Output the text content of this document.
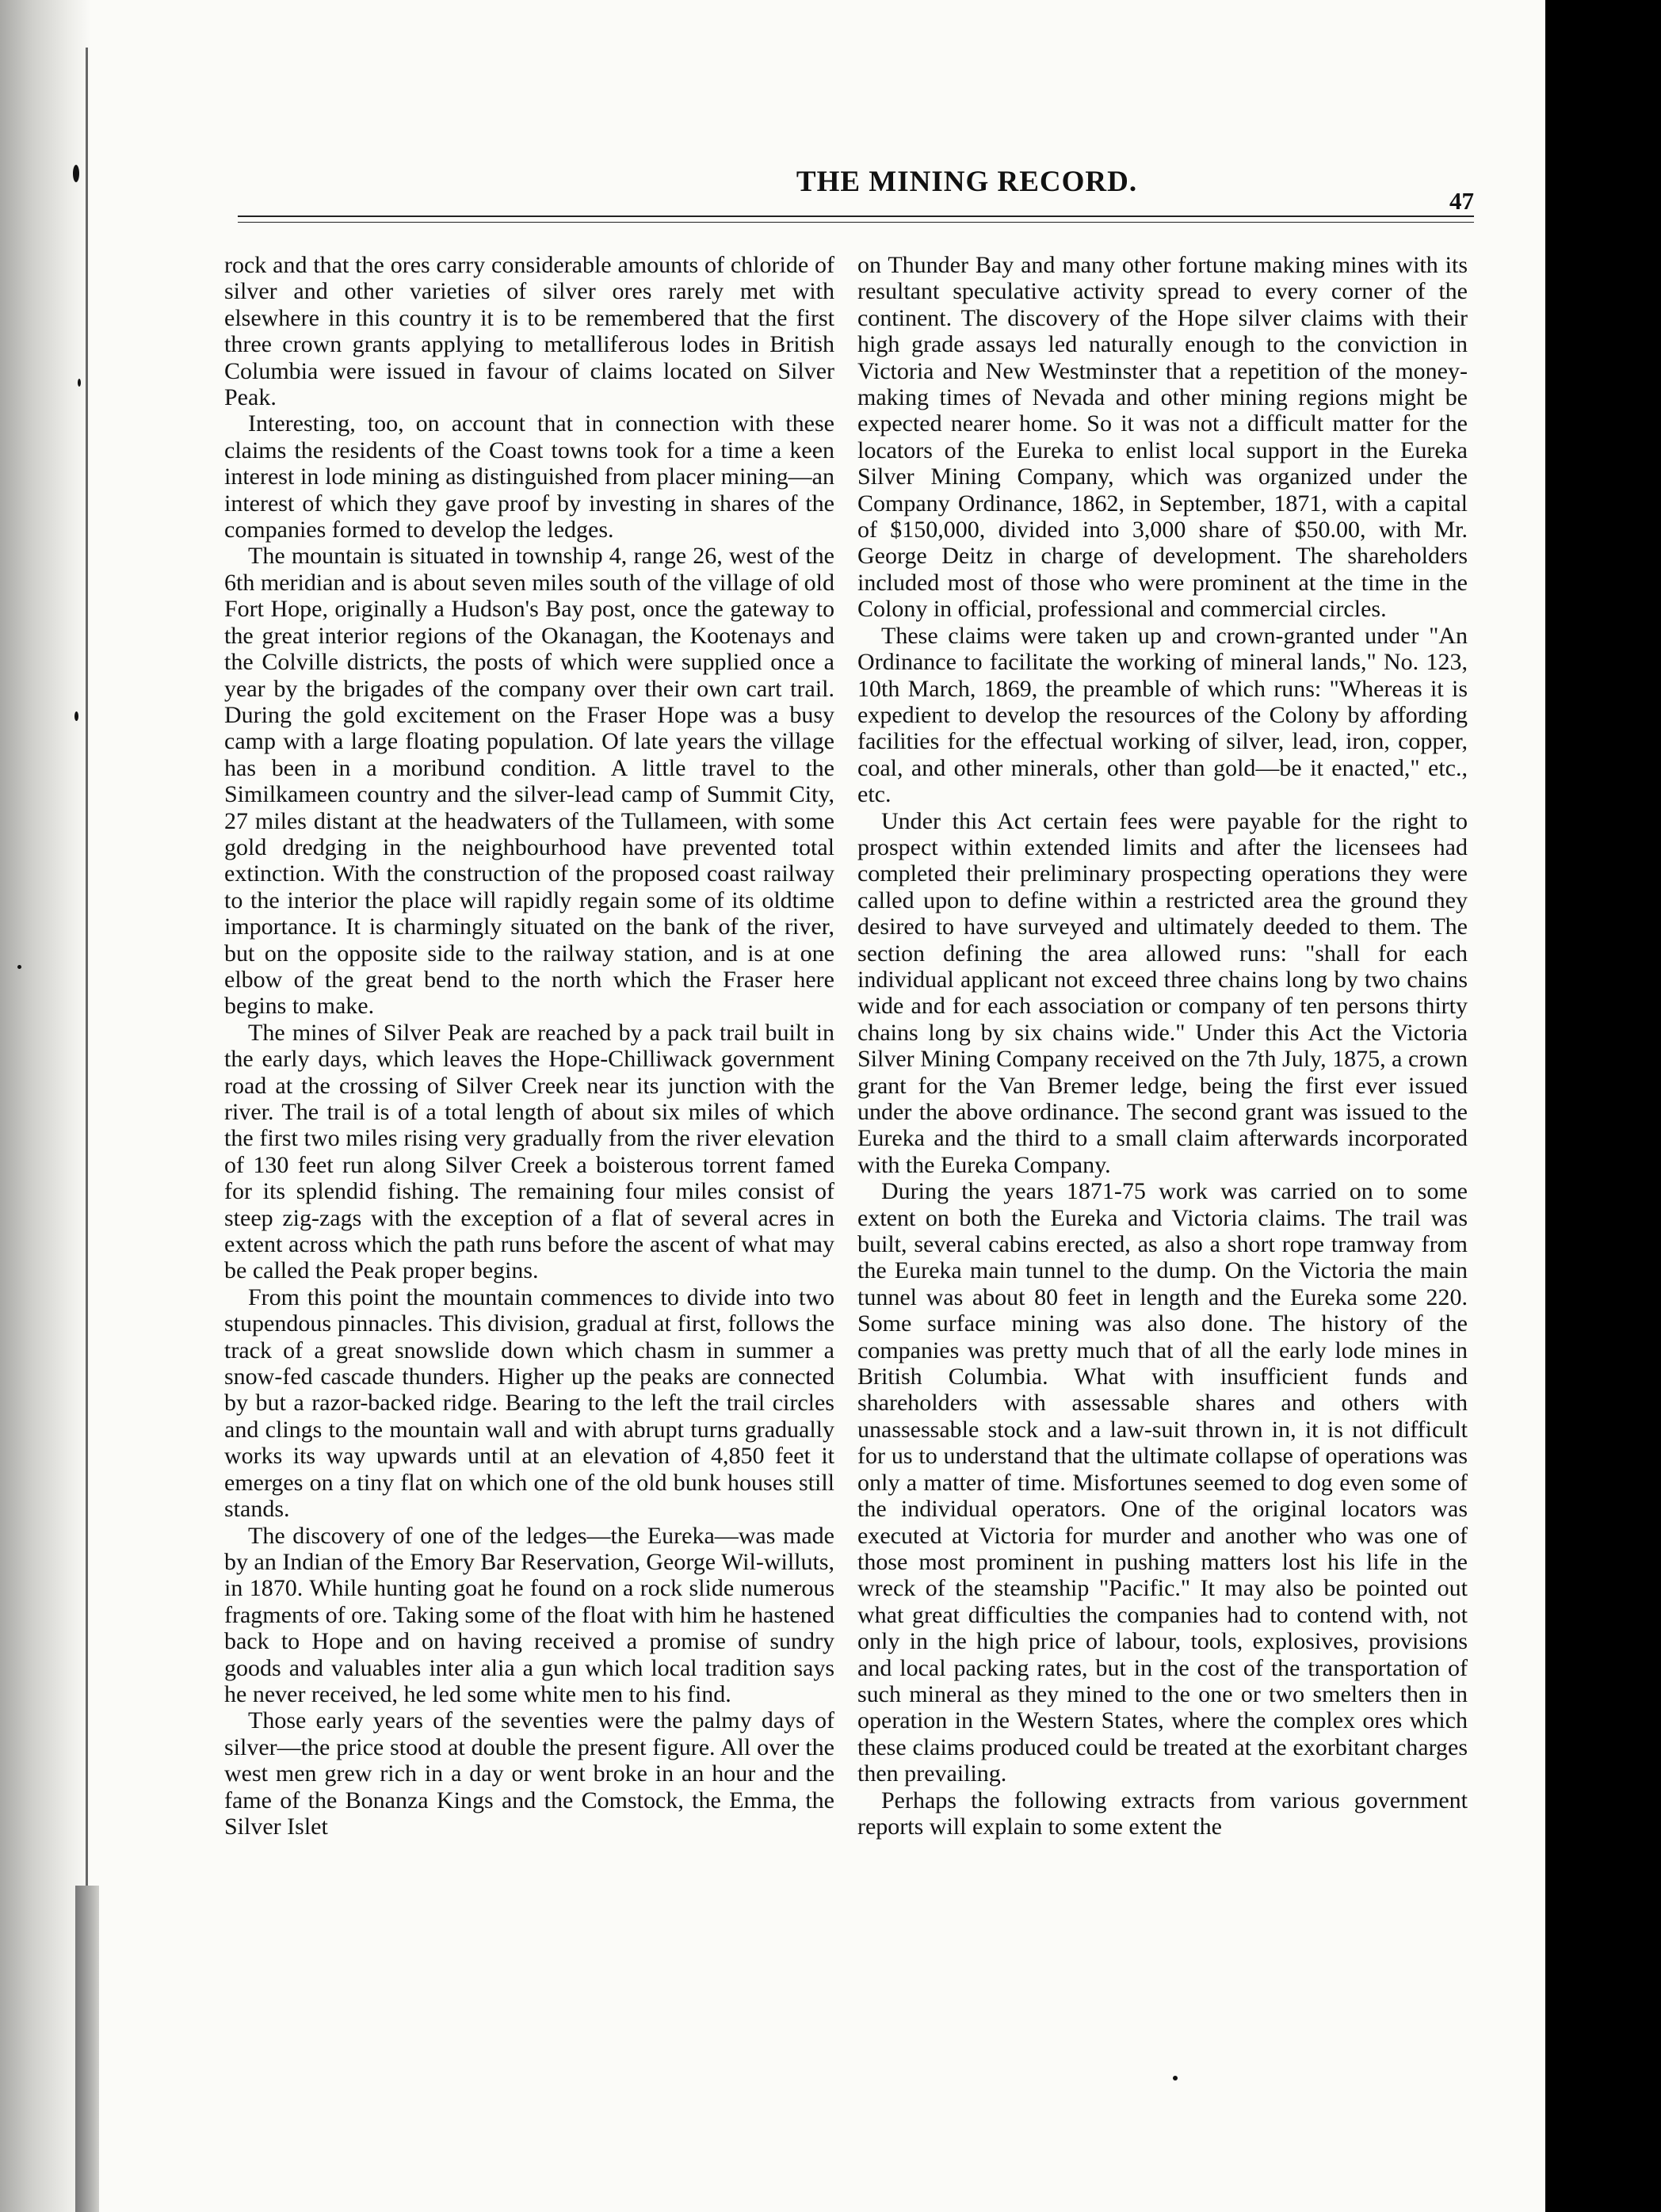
THE MINING RECORD.
47

rock and that the ores carry considerable amounts of chloride of silver and other varieties of silver ores rarely met with elsewhere in this country it is to be remembered that the first three crown grants applying to metalliferous lodes in British Columbia were issued in favour of claims located on Silver Peak.

Interesting, too, on account that in connection with these claims the residents of the Coast towns took for a time a keen interest in lode mining as distinguished from placer mining—an interest of which they gave proof by investing in shares of the companies formed to develop the ledges.

The mountain is situated in township 4, range 26, west of the 6th meridian and is about seven miles south of the village of old Fort Hope, originally a Hudson's Bay post, once the gateway to the great interior regions of the Okanagan, the Kootenays and the Colville districts, the posts of which were supplied once a year by the brigades of the company over their own cart trail. During the gold excitement on the Fraser Hope was a busy camp with a large floating population. Of late years the village has been in a moribund condition. A little travel to the Similkameen country and the silver-lead camp of Summit City, 27 miles distant at the headwaters of the Tullameen, with some gold dredging in the neighbourhood have prevented total extinction. With the construction of the proposed coast railway to the interior the place will rapidly regain some of its oldtime importance. It is charmingly situated on the bank of the river, but on the opposite side to the railway station, and is at one elbow of the great bend to the north which the Fraser here begins to make.

The mines of Silver Peak are reached by a pack trail built in the early days, which leaves the Hope-Chilliwack government road at the crossing of Silver Creek near its junction with the river. The trail is of a total length of about six miles of which the first two miles rising very gradually from the river elevation of 130 feet run along Silver Creek a boisterous torrent famed for its splendid fishing. The remaining four miles consist of steep zig-zags with the exception of a flat of several acres in extent across which the path runs before the ascent of what may be called the Peak proper begins.

From this point the mountain commences to divide into two stupendous pinnacles. This division, gradual at first, follows the track of a great snowslide down which chasm in summer a snow-fed cascade thunders. Higher up the peaks are connected by but a razor-backed ridge. Bearing to the left the trail circles and clings to the mountain wall and with abrupt turns gradually works its way upwards until at an elevation of 4,850 feet it emerges on a tiny flat on which one of the old bunk houses still stands.

The discovery of one of the ledges—the Eureka—was made by an Indian of the Emory Bar Reservation, George Wil-willuts, in 1870. While hunting goat he found on a rock slide numerous fragments of ore. Taking some of the float with him he hastened back to Hope and on having received a promise of sundry goods and valuables inter alia a gun which local tradition says he never received, he led some white men to his find.

Those early years of the seventies were the palmy days of silver—the price stood at double the present figure. All over the west men grew rich in a day or went broke in an hour and the fame of the Bonanza Kings and the Comstock, the Emma, the Silver Islet

on Thunder Bay and many other fortune making mines with its resultant speculative activity spread to every corner of the continent. The discovery of the Hope silver claims with their high grade assays led naturally enough to the conviction in Victoria and New Westminster that a repetition of the money-making times of Nevada and other mining regions might be expected nearer home. So it was not a difficult matter for the locators of the Eureka to enlist local support in the Eureka Silver Mining Company, which was organized under the Company Ordinance, 1862, in September, 1871, with a capital of $150,000, divided into 3,000 share of $50.00, with Mr. George Deitz in charge of development. The shareholders included most of those who were prominent at the time in the Colony in official, professional and commercial circles.

These claims were taken up and crown-granted under "An Ordinance to facilitate the working of mineral lands," No. 123, 10th March, 1869, the preamble of which runs: "Whereas it is expedient to develop the resources of the Colony by affording facilities for the effectual working of silver, lead, iron, copper, coal, and other minerals, other than gold—be it enacted," etc., etc.

Under this Act certain fees were payable for the right to prospect within extended limits and after the licensees had completed their preliminary prospecting operations they were called upon to define within a restricted area the ground they desired to have surveyed and ultimately deeded to them. The section defining the area allowed runs: "shall for each individual applicant not exceed three chains long by two chains wide and for each association or company of ten persons thirty chains long by six chains wide." Under this Act the Victoria Silver Mining Company received on the 7th July, 1875, a crown grant for the Van Bremer ledge, being the first ever issued under the above ordinance. The second grant was issued to the Eureka and the third to a small claim afterwards incorporated with the Eureka Company.

During the years 1871-75 work was carried on to some extent on both the Eureka and Victoria claims. The trail was built, several cabins erected, as also a short rope tramway from the Eureka main tunnel to the dump. On the Victoria the main tunnel was about 80 feet in length and the Eureka some 220. Some surface mining was also done. The history of the companies was pretty much that of all the early lode mines in British Columbia. What with insufficient funds and shareholders with assessable shares and others with unassessable stock and a law-suit thrown in, it is not difficult for us to understand that the ultimate collapse of operations was only a matter of time. Misfortunes seemed to dog even some of the individual operators. One of the original locators was executed at Victoria for murder and another who was one of those most prominent in pushing matters lost his life in the wreck of the steamship "Pacific." It may also be pointed out what great difficulties the companies had to contend with, not only in the high price of labour, tools, explosives, provisions and local packing rates, but in the cost of the transportation of such mineral as they mined to the one or two smelters then in operation in the Western States, where the complex ores which these claims produced could be treated at the exorbitant charges then prevailing.

Perhaps the following extracts from various government reports will explain to some extent the
